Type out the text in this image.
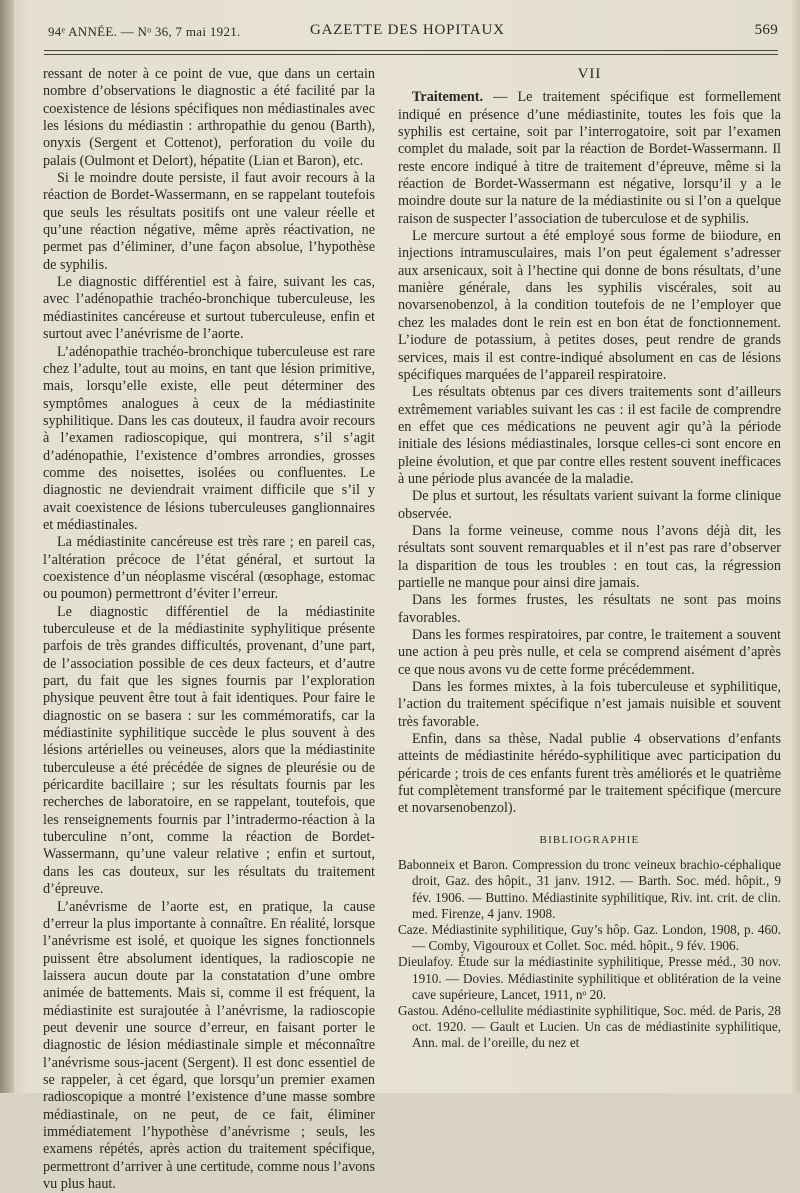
94ᵉ ANNÉE. — Nᵒ 36, 7 mai 1921.	GAZETTE DES HOPITAUX	569

ressant de noter à ce point de vue, que dans un certain nombre d’observations le diagnostic a été facilité par la coexistence de lésions spécifiques non médiastinales avec les lésions du médiastin : arthropathie du genou (Barth), onyxis (Sergent et Cottenot), perforation du voile du palais (Oulmont et Delort), hépatite (Lian et Baron), etc.

Si le moindre doute persiste, il faut avoir recours à la réaction de Bordet-Wassermann, en se rappelant toutefois que seuls les résultats positifs ont une valeur réelle et qu’une réaction négative, même après réactivation, ne permet pas d’éliminer, d’une façon absolue, l’hypothèse de syphilis.

Le diagnostic différentiel est à faire, suivant les cas, avec l’adénopathie trachéo-bronchique tuberculeuse, les médiastinites cancéreuse et surtout tuberculeuse, enfin et surtout avec l’anévrisme de l’aorte.

L’adénopathie trachéo-bronchique tuberculeuse est rare chez l’adulte, tout au moins, en tant que lésion primitive, mais, lorsqu’elle existe, elle peut déterminer des symptômes analogues à ceux de la médiastinite syphilitique. Dans les cas douteux, il faudra avoir recours à l’examen radioscopique, qui montrera, s’il s’agit d’adénopathie, l’existence d’ombres arrondies, grosses comme des noisettes, isolées ou confluentes. Le diagnostic ne deviendrait vraiment difficile que s’il y avait coexistence de lésions tuberculeuses ganglionnaires et médiastinales.

La médiastinite cancéreuse est très rare ; en pareil cas, l’altération précoce de l’état général, et surtout la coexistence d’un néoplasme viscéral (œsophage, estomac ou poumon) permettront d’éviter l’erreur.

Le diagnostic différentiel de la médiastinite tuberculeuse et de la médiastinite syphylitique présente parfois de très grandes difficultés, provenant, d’une part, de l’association possible de ces deux facteurs, et d’autre part, du fait que les signes fournis par l’exploration physique peuvent être tout à fait identiques. Pour faire le diagnostic on se basera : sur les commémoratifs, car la médiastinite syphilitique succède le plus souvent à des lésions artérielles ou veineuses, alors que la médiastinite tuberculeuse a été précédée de signes de pleurésie ou de péricardite bacillaire ; sur les résultats fournis par les recherches de laboratoire, en se rappelant, toutefois, que les renseignements fournis par l’intradermo-réaction à la tuberculine n’ont, comme la réaction de Bordet-Wassermann, qu’une valeur relative ; enfin et surtout, dans les cas douteux, sur les résultats du traitement d’épreuve.

L’anévrisme de l’aorte est, en pratique, la cause d’erreur la plus importante à connaître. En réalité, lorsque l’anévrisme est isolé, et quoique les signes fonctionnels puissent être absolument identiques, la radioscopie ne laissera aucun doute par la constatation d’une ombre animée de battements. Mais si, comme il est fréquent, la médiastinite est surajoutée à l’anévrisme, la radioscopie peut devenir une source d’erreur, en faisant porter le diagnostic de lésion médiastinale simple et méconnaître l’anévrisme sous-jacent (Sergent). Il est donc essentiel de se rappeler, à cet égard, que lorsqu’un premier examen radioscopique a montré l’existence d’une masse sombre médiastinale, on ne peut, de ce fait, éliminer immédiatement l’hypothèse d’anévrisme ; seuls, les examens répétés, après action du traitement spécifique, permettront d’arriver à une certitude, comme nous l’avons vu plus haut.

VII

Traitement. — Le traitement spécifique est formellement indiqué en présence d’une médiastinite, toutes les fois que la syphilis est certaine, soit par l’interrogatoire, soit par l’examen complet du malade, soit par la réaction de Bordet-Wassermann. Il reste encore indiqué à titre de traitement d’épreuve, même si la réaction de Bordet-Wassermann est négative, lorsqu’il y a le moindre doute sur la nature de la médiastinite ou si l’on a quelque raison de suspecter l’association de tuberculose et de syphilis.

Le mercure surtout a été employé sous forme de biiodure, en injections intramusculaires, mais l’on peut également s’adresser aux arsenicaux, soit à l’hectine qui donne de bons résultats, d’une manière générale, dans les syphilis viscérales, soit au novarsenobenzol, à la condition toutefois de ne l’employer que chez les malades dont le rein est en bon état de fonctionnement. L’iodure de potassium, à petites doses, peut rendre de grands services, mais il est contre-indiqué absolument en cas de lésions spécifiques marquées de l’appareil respiratoire.

Les résultats obtenus par ces divers traitements sont d’ailleurs extrêmement variables suivant les cas : il est facile de comprendre en effet que ces médications ne peuvent agir qu’à la période initiale des lésions médiastinales, lorsque celles-ci sont encore en pleine évolution, et que par contre elles restent souvent inefficaces à une période plus avancée de la maladie.

De plus et surtout, les résultats varient suivant la forme clinique observée.

Dans la forme veineuse, comme nous l’avons déjà dit, les résultats sont souvent remarquables et il n’est pas rare d’observer la disparition de tous les troubles : en tout cas, la régression partielle ne manque pour ainsi dire jamais.

Dans les formes frustes, les résultats ne sont pas moins favorables.

Dans les formes respiratoires, par contre, le traitement a souvent une action à peu près nulle, et cela se comprend aisément d’après ce que nous avons vu de cette forme précédemment.

Dans les formes mixtes, à la fois tuberculeuse et syphilitique, l’action du traitement spécifique n’est jamais nuisible et souvent très favorable.

Enfin, dans sa thèse, Nadal publie 4 observations d’enfants atteints de médiastinite hérédo-syphilitique avec participation du péricarde ; trois de ces enfants furent très améliorés et le quatrième fut complètement transformé par le traitement spécifique (mercure et novarsenobenzol).

BIBLIOGRAPHIE

Babonneix et Baron. Compression du tronc veineux brachio-céphalique droit, Gaz. des hôpit., 31 janv. 1912. — Barth. Soc. méd. hôpit., 9 fév. 1906. — Buttino. Médiastinite syphilitique, Riv. int. crit. de clin. med. Firenze, 4 janv. 1908.

Caze. Médiastinite syphilitique, Guy’s hôp. Gaz. London, 1908, p. 460. — Comby, Vigouroux et Collet. Soc. méd. hôpit., 9 fév. 1906.

Dieulafoy. Étude sur la médiastinite syphilitique, Presse méd., 30 nov. 1910. — Dovies. Médiastinite syphilitique et oblitération de la veine cave supérieure, Lancet, 1911, nᵒ 20.

Gastou. Adéno-cellulite médiastinite syphilitique, Soc. méd. de Paris, 28 oct. 1920. — Gault et Lucien. Un cas de médiastinite syphilitique, Ann. mal. de l’oreille, du nez et
